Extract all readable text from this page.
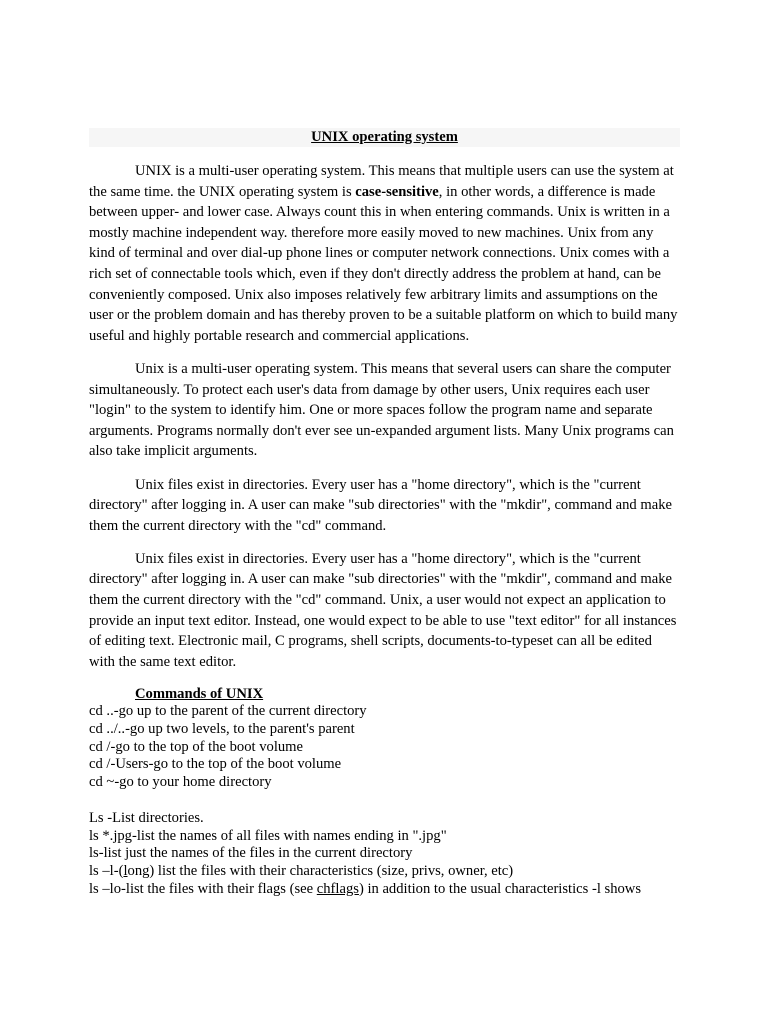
UNIX operating system

UNIX is a multi-user operating system. This means that multiple users can use the system at the same time. the UNIX operating system is case-sensitive, in other words, a difference is made between upper- and lower case. Always count this in when entering commands. Unix is written in a mostly machine independent way. therefore more easily moved to new machines. Unix from any kind of terminal and over dial-up phone lines or computer network connections. Unix comes with a rich set of connectable tools which, even if they don't directly address the problem at hand, can be conveniently composed. Unix also imposes relatively few arbitrary limits and assumptions on the user or the problem domain and has thereby proven to be a suitable platform on which to build many useful and highly portable research and commercial applications.

Unix is a multi-user operating system. This means that several users can share the computer simultaneously. To protect each user's data from damage by other users, Unix requires each user "login" to the system to identify him. One or more spaces follow the program name and separate arguments. Programs normally don't ever see un-expanded argument lists. Many Unix programs can also take implicit arguments.

Unix files exist in directories. Every user has a "home directory", which is the "current directory" after logging in. A user can make "sub directories" with the "mkdir", command and make them the current directory with the "cd" command.

Unix files exist in directories. Every user has a "home directory", which is the "current directory" after logging in. A user can make "sub directories" with the "mkdir", command and make them the current directory with the "cd" command. Unix, a user would not expect an application to provide an input text editor. Instead, one would expect to be able to use "text editor" for all instances of editing text. Electronic mail, C programs, shell scripts, documents-to-typeset can all be edited with the same text editor.

Commands of UNIX

cd ..-go up to the parent of the current directory

cd ../..-go up two levels, to the parent's parent

cd /-go to the top of the boot volume

cd /-Users-go to the top of the boot volume

cd ~-go to your home directory

Ls -List directories.

ls *.jpg-list the names of all files with names ending in ".jpg"

ls-list just the names of the files in the current directory

ls –l-(long) list the files with their characteristics (size, privs, owner, etc)

ls –lo-list the files with their flags (see chflags) in addition to the usual characteristics -l shows
